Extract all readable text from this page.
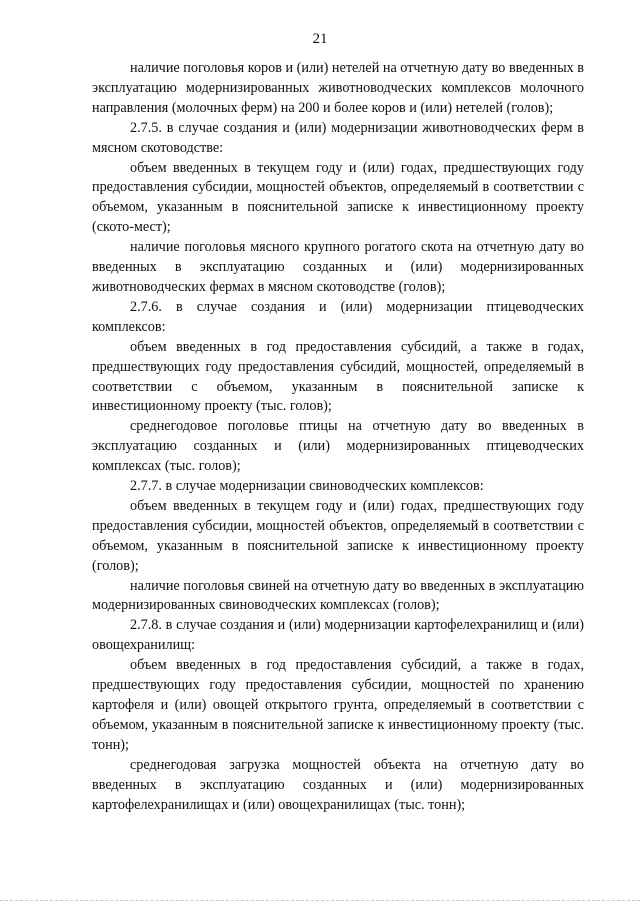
21

наличие поголовья коров и (или) нетелей на отчетную дату во введенных в эксплуатацию модернизированных животноводческих комплексов молочного направления (молочных ферм) на 200 и более коров и (или) нетелей (голов);

2.7.5. в случае создания и (или) модернизации животноводческих ферм в мясном скотоводстве:

объем введенных в текущем году и (или) годах, предшествующих году предоставления субсидии, мощностей объектов, определяемый в соответствии с объемом, указанным в пояснительной записке к инвестиционному проекту (ското-мест);

наличие поголовья мясного крупного рогатого скота на отчетную дату во введенных в эксплуатацию созданных и (или) модернизированных животноводческих фермах в мясном скотоводстве (голов);

2.7.6. в случае создания и (или) модернизации птицеводческих комплексов:

объем введенных в год предоставления субсидий, а также в годах, предшествующих году предоставления субсидий, мощностей, определяемый в соответствии с объемом, указанным в пояснительной записке к инвестиционному проекту (тыс. голов);

среднегодовое поголовье птицы на отчетную дату во введенных в эксплуатацию созданных и (или) модернизированных птицеводческих комплексах (тыс. голов);

2.7.7. в случае модернизации свиноводческих комплексов:

объем введенных в текущем году и (или) годах, предшествующих году предоставления субсидии, мощностей объектов, определяемый в соответствии с объемом, указанным в пояснительной записке к инвестиционному проекту (голов);

наличие поголовья свиней на отчетную дату во введенных в эксплуатацию модернизированных свиноводческих комплексах (голов);

2.7.8. в случае создания и (или) модернизации картофелехранилищ и (или) овощехранилищ:

объем введенных в год предоставления субсидий, а также в годах, предшествующих году предоставления субсидии, мощностей по хранению картофеля и (или) овощей открытого грунта, определяемый в соответствии с объемом, указанным в пояснительной записке к инвестиционному проекту (тыс. тонн);

среднегодовая загрузка мощностей объекта на отчетную дату во введенных в эксплуатацию созданных и (или) модернизированных картофелехранилищах и (или) овощехранилищах (тыс. тонн);
